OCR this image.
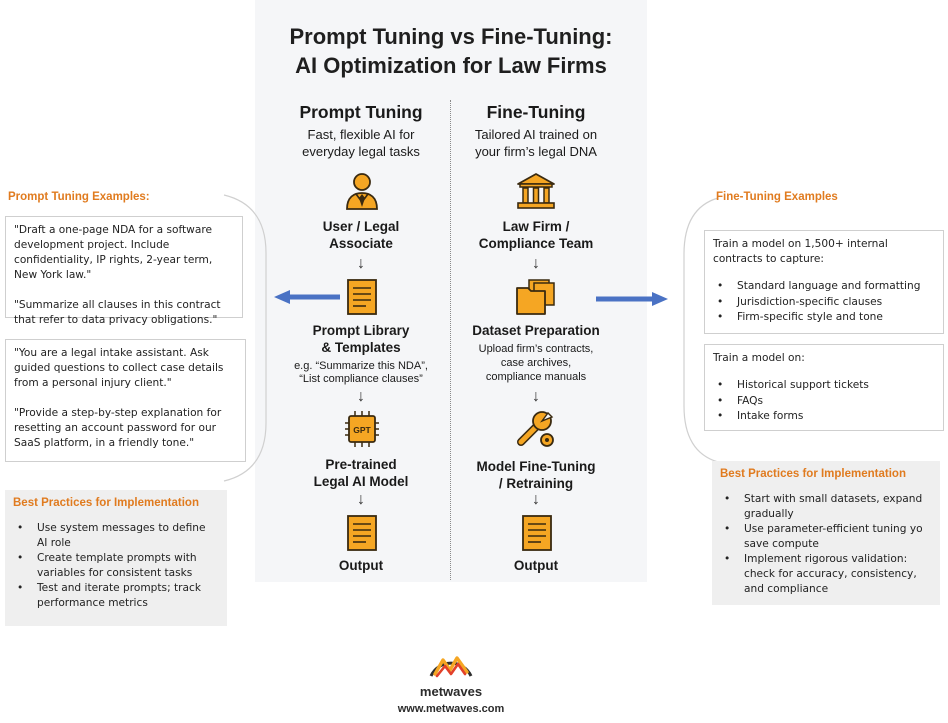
Prompt Tuning vs Fine-Tuning:
AI Optimization for Law Firms
Prompt Tuning
Fast, flexible AI for
everyday legal tasks
User / Legal
Associate
↓
Prompt Library
& Templates
e.g. “Summarize this NDA”,
“List compliance clauses”
↓
GPT
Pre-trained
Legal AI Model
↓
Output
Fine-Tuning
Tailored AI trained on
your firm’s legal DNA
Law Firm /
Compliance Team
↓
Dataset Preparation
Upload firm’s contracts,
case archives,
compliance manuals
↓
Model Fine-Tuning
/ Retraining
↓
Output
Prompt Tuning Examples:

"Draft a one-page NDA for a software development project. Include confidentiality, IP rights, 2-year term, New York law."

"Summarize all clauses in this contract that refer to data privacy obligations."

"You are a legal intake assistant. Ask guided questions to collect case details from a personal injury client."

"Provide a step-by-step explanation for resetting an account password for our SaaS platform, in a friendly tone."

Best Practices for Implementation
• Use system messages to define AI role
• Create template prompts with variables for consistent tasks
• Test and iterate prompts; track performance metrics
Fine-Tuning Examples
Train a model on 1,500+ internal contracts to capture:
• Standard language and formatting
• Jurisdiction-specific clauses
• Firm-specific style and tone
Train a model on:
• Historical support tickets
• FAQs
• Intake forms
Best Practices for Implementation
• Start with small datasets, expand gradually
• Use parameter-efficient tuning yo save compute
• Implement rigorous validation: check for accuracy, consistency, and compliance
metwaves
www.metwaves.com
